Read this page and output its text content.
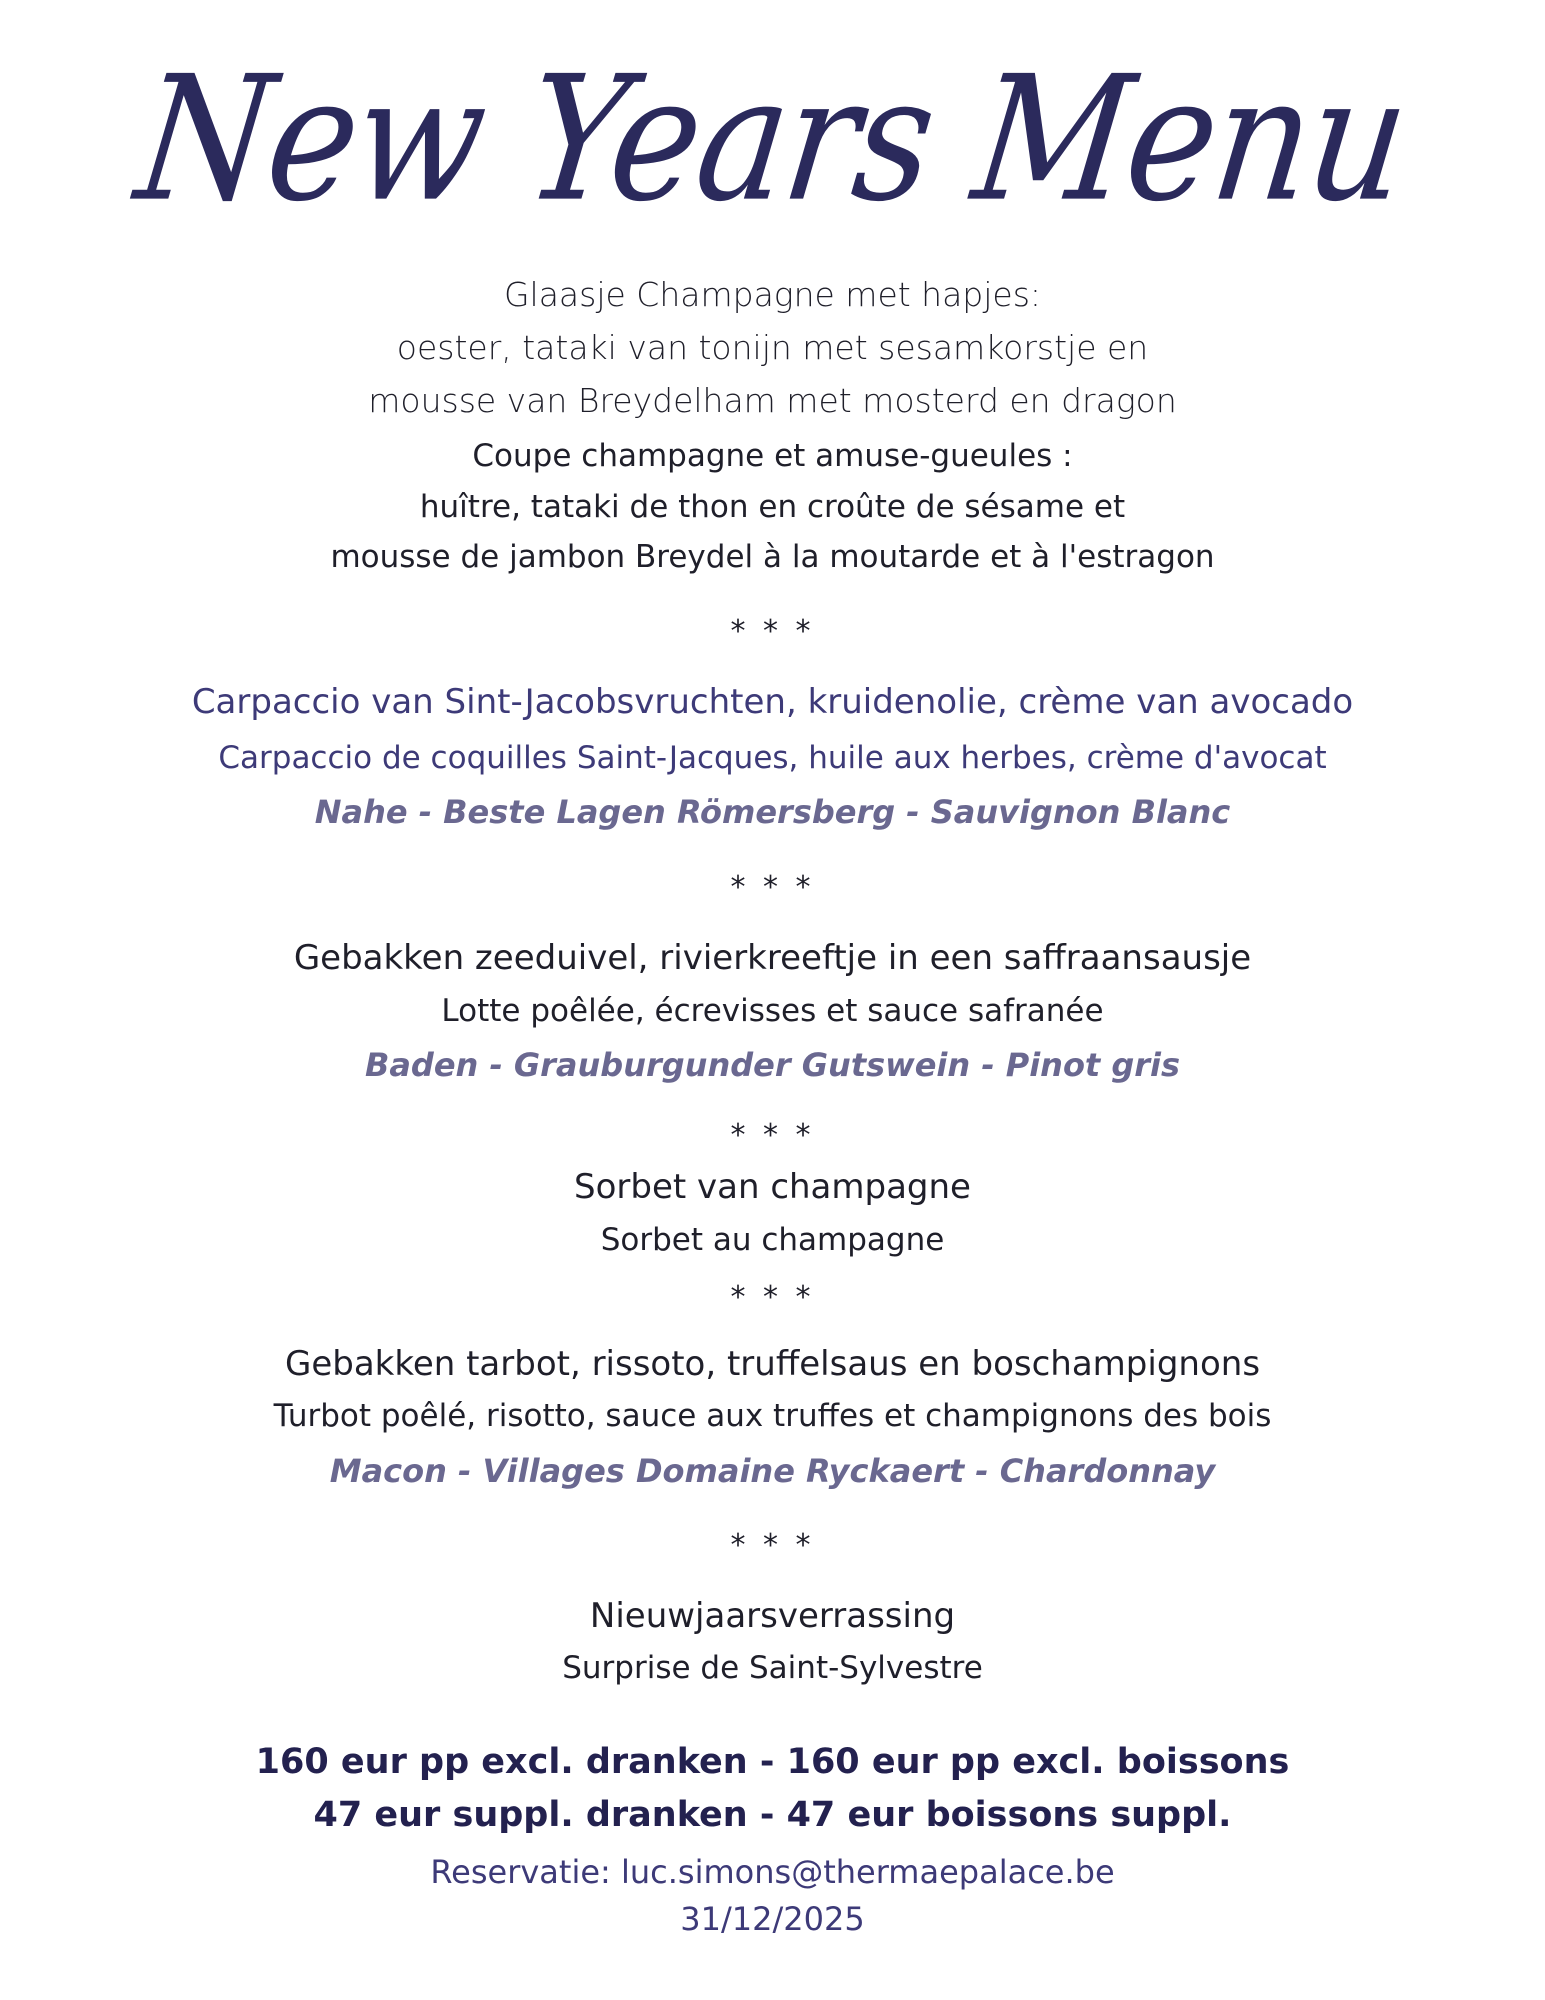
New Years Menu
Glaasje Champagne met hapjes:
oester, tataki van tonijn met sesamkorstje en
mousse van Breydelham met mosterd en dragon
Coupe champagne et amuse-gueules :
huître, tataki de thon en croûte de sésame et
mousse de jambon Breydel à la moutarde et à l'estragon
* * *
Carpaccio van Sint-Jacobsvruchten, kruidenolie, crème van avocado
Carpaccio de coquilles Saint-Jacques, huile aux herbes, crème d'avocat
Nahe - Beste Lagen Römersberg - Sauvignon Blanc
* * *
Gebakken zeeduivel, rivierkreeftje in een saffraansausje
Lotte poêlée, écrevisses et sauce safranée
Baden - Grauburgunder Gutswein - Pinot gris
* * *
Sorbet van champagne
Sorbet au champagne
* * *
Gebakken tarbot, rissoto, truffelsaus en boschampignons
Turbot poêlé, risotto, sauce aux truffes et champignons des bois
Macon - Villages Domaine Ryckaert - Chardonnay
* * *
Nieuwjaarsverrassing
Surprise de Saint-Sylvestre
160 eur pp excl. dranken - 160 eur pp excl. boissons
47 eur suppl. dranken - 47 eur boissons suppl.
Reservatie: luc.simons@thermaepalace.be
31/12/2025
